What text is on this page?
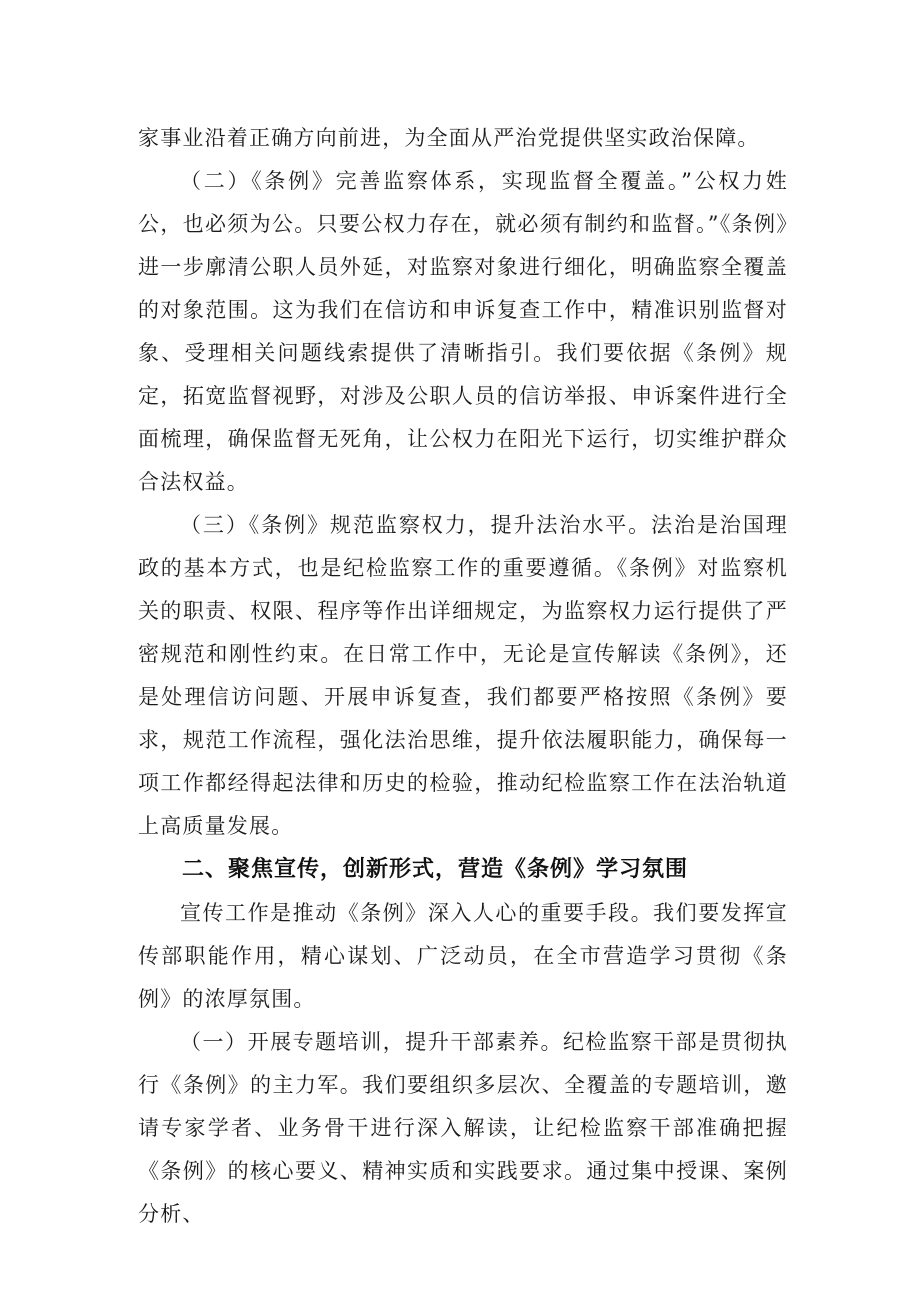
家事业沿着正确方向前进，为全面从严治党提供坚实政治保障。

（二）《条例》完善监察体系，实现监督全覆盖。”公权力姓公，也必须为公。只要公权力存在，就必须有制约和监督。”《条例》进一步廓清公职人员外延，对监察对象进行细化，明确监察全覆盖的对象范围。这为我们在信访和申诉复查工作中，精准识别监督对象、受理相关问题线索提供了清晰指引。我们要依据《条例》规定，拓宽监督视野，对涉及公职人员的信访举报、申诉案件进行全面梳理，确保监督无死角，让公权力在阳光下运行，切实维护群众合法权益。

（三）《条例》规范监察权力，提升法治水平。法治是治国理政的基本方式，也是纪检监察工作的重要遵循。《条例》对监察机关的职责、权限、程序等作出详细规定，为监察权力运行提供了严密规范和刚性约束。在日常工作中，无论是宣传解读《条例》，还是处理信访问题、开展申诉复查，我们都要严格按照《条例》要求，规范工作流程，强化法治思维，提升依法履职能力，确保每一项工作都经得起法律和历史的检验，推动纪检监察工作在法治轨道上高质量发展。

二、聚焦宣传，创新形式，营造《条例》学习氛围

宣传工作是推动《条例》深入人心的重要手段。我们要发挥宣传部职能作用，精心谋划、广泛动员，在全市营造学习贯彻《条例》的浓厚氛围。

（一）开展专题培训，提升干部素养。纪检监察干部是贯彻执行《条例》的主力军。我们要组织多层次、全覆盖的专题培训，邀请专家学者、业务骨干进行深入解读，让纪检监察干部准确把握《条例》的核心要义、精神实质和实践要求。通过集中授课、案例分析、
